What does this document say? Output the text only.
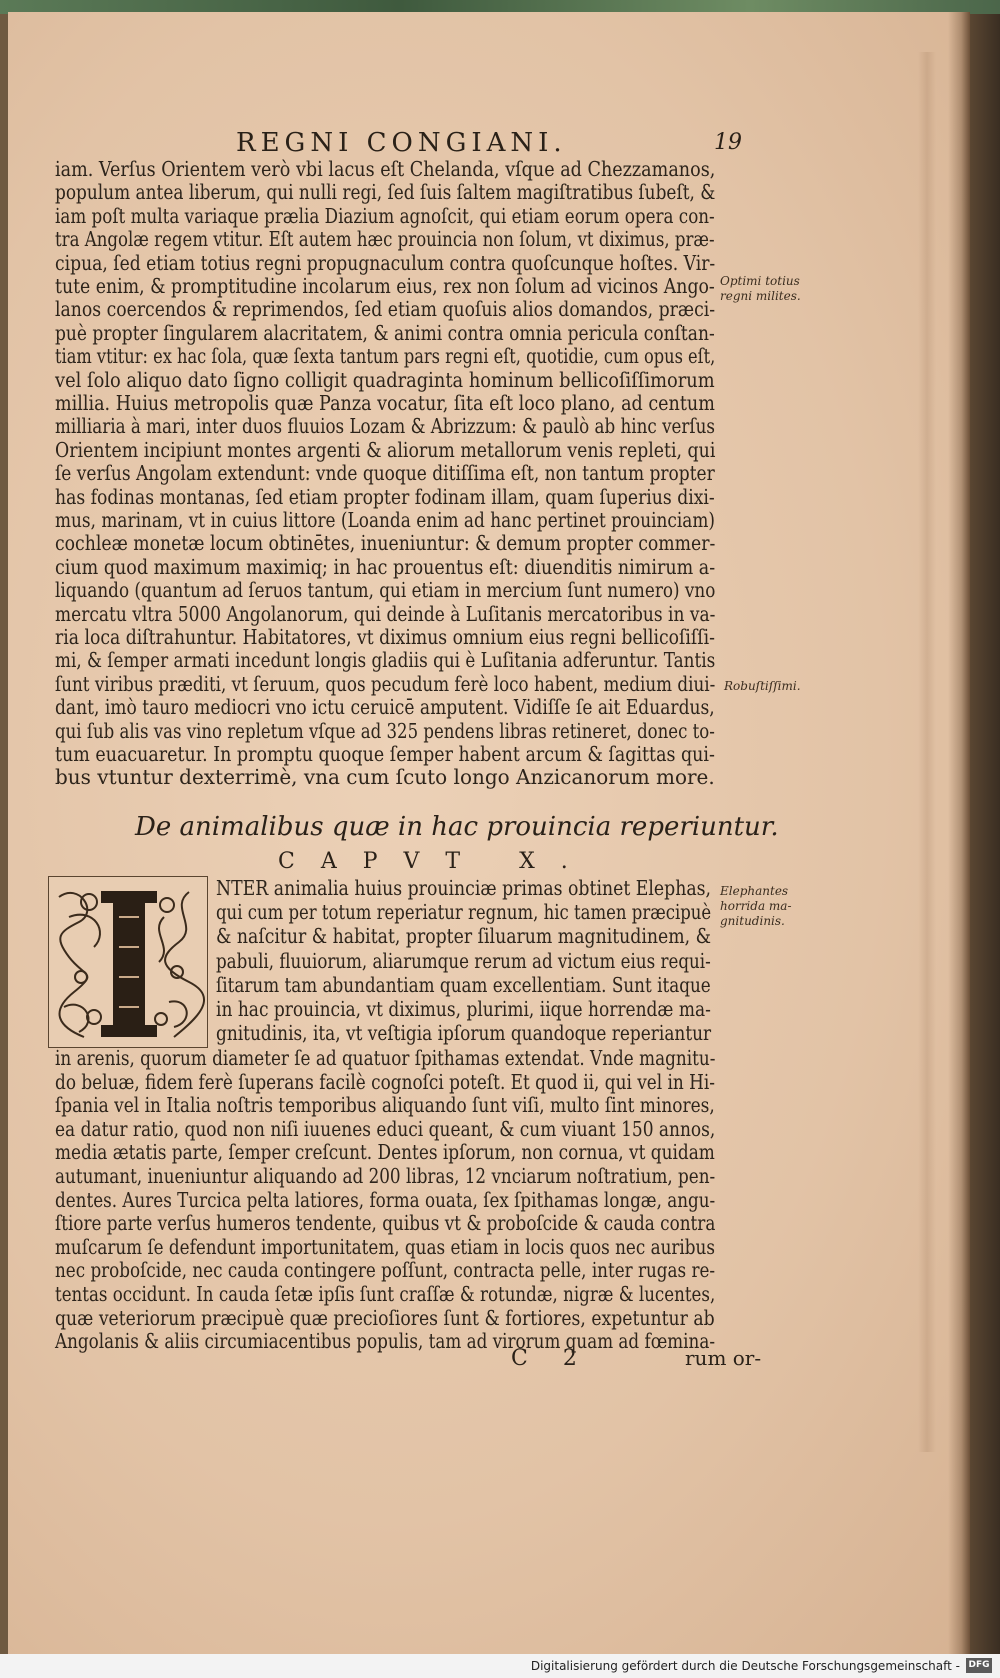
REGNI CONGIANI.	19
iam. Verſus Orientem verò vbi lacus eſt Chelanda, vſque ad Chezzamanos,
populum antea liberum, qui nulli regi, ſed ſuis ſaltem magiſtratibus ſubeſt, &
iam poſt multa variaque prælia Diazium agnoſcit, qui etiam eorum opera con-
tra Angolæ regem vtitur. Eſt autem hæc prouincia non ſolum, vt diximus, præ-
cipua, ſed etiam totius regni propugnaculum contra quoſcunque hoſtes. Vir-
tute enim, & promptitudine incolarum eius, rex non ſolum ad vicinos Ango-
lanos coercendos & reprimendos, ſed etiam quoſuis alios domandos, præci-
puè propter ſingularem alacritatem, & animi contra omnia pericula conſtan-
tiam vtitur: ex hac ſola, quæ ſexta tantum pars regni eſt, quotidie, cum opus eſt,
vel ſolo aliquo dato ſigno colligit quadraginta hominum bellicoſiſſimorum
millia. Huius metropolis quæ Panza vocatur, ſita eſt loco plano, ad centum
milliaria à mari, inter duos fluuios Lozam & Abrizzum: & paulò ab hinc verſus
Orientem incipiunt montes argenti & aliorum metallorum venis repleti, qui
ſe verſus Angolam extendunt: vnde quoque ditiſſima eſt, non tantum propter
has fodinas montanas, ſed etiam propter fodinam illam, quam ſuperius dixi-
mus, marinam, vt in cuius littore (Loanda enim ad hanc pertinet prouinciam)
cochleæ monetæ locum obtinētes, inueniuntur: & demum propter commer-
cium quod maximum maximiq; in hac prouentus eſt: diuenditis nimirum a-
liquando (quantum ad ſeruos tantum, qui etiam in mercium ſunt numero) vno
mercatu vltra 5000 Angolanorum, qui deinde à Luſitanis mercatoribus in va-
ria loca diſtrahuntur. Habitatores, vt diximus omnium eius regni bellicoſiſſi-
mi, & ſemper armati incedunt longis gladiis qui è Luſitania adferuntur. Tantis
ſunt viribus præditi, vt ſeruum, quos pecudum ferè loco habent, medium diui-
dant, imò tauro mediocri vno ictu ceruicē amputent. Vidiſſe ſe ait Eduardus,
qui ſub alis vas vino repletum vſque ad 325 pendens libras retineret, donec to-
tum euacuaretur. In promptu quoque ſemper habent arcum & ſagittas qui-
bus vtuntur dexterrimè, vna cum ſcuto longo Anzicanorum more.
Optimi totius
regni milites.
Robuſtiſſimi.
Elephantes
horrida ma-
gnitudinis.
De animalibus quæ in hac prouincia reperiuntur.
CAPVT X.
NTER animalia huius prouinciæ primas obtinet Elephas,
qui cum per totum reperiatur regnum, hic tamen præcipuè
& naſcitur & habitat, propter ſiluarum magnitudinem, &
pabuli, fluuiorum, aliarumque rerum ad victum eius requi-
ſitarum tam abundantiam quam excellentiam. Sunt itaque
in hac prouincia, vt diximus, plurimi, iique horrendæ ma-
gnitudinis, ita, vt veſtigia ipſorum quandoque reperiantur
in arenis, quorum diameter ſe ad quatuor ſpithamas extendat. Vnde magnitu-
do beluæ, fidem ferè ſuperans facilè cognoſci poteſt. Et quod ii, qui vel in Hi-
ſpania vel in Italia noſtris temporibus aliquando ſunt viſi, multo ſint minores,
ea datur ratio, quod non niſi iuuenes educi queant, & cum viuant 150 annos,
media ætatis parte, ſemper creſcunt. Dentes ipſorum, non cornua, vt quidam
autumant, inueniuntur aliquando ad 200 libras, 12 vnciarum noſtratium, pen-
dentes. Aures Turcica pelta latiores, forma ouata, ſex ſpithamas longæ, angu-
ſtiore parte verſus humeros tendente, quibus vt & proboſcide & cauda contra
muſcarum ſe defendunt importunitatem, quas etiam in locis quos nec auribus
nec proboſcide, nec cauda contingere poſſunt, contracta pelle, inter rugas re-
tentas occidunt. In cauda ſetæ ipſis ſunt craſſæ & rotundæ, nigræ & lucentes,
quæ veteriorum præcipuè quæ precioſiores ſunt & fortiores, expetuntur ab
Angolanis & aliis circumiacentibus populis, tam ad virorum quam ad fœmina-
C 2	rum or-
Digitalisierung gefördert durch die Deutsche Forschungsgemeinschaft - DFG
